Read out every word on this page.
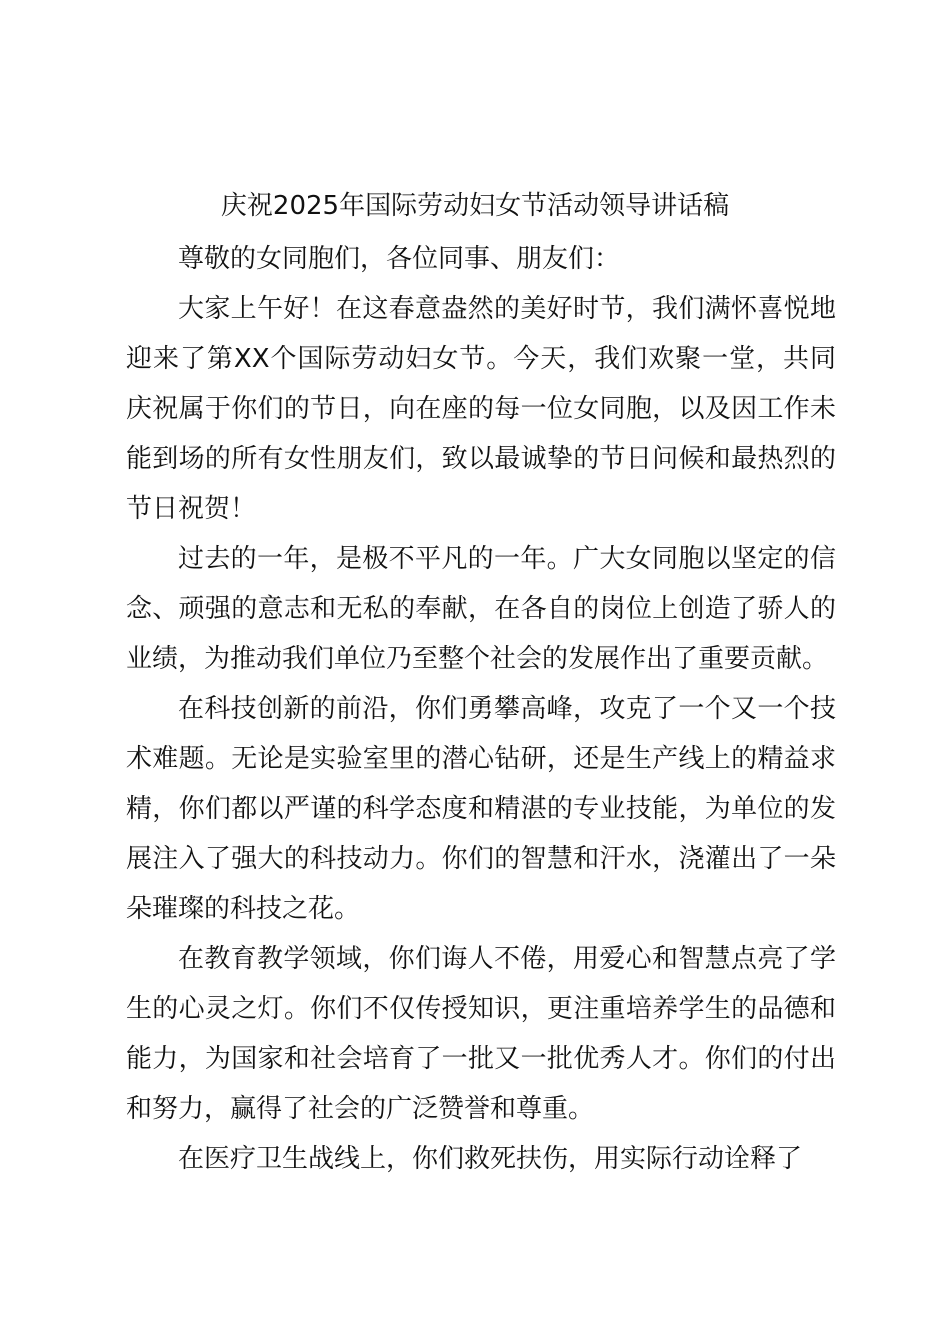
庆祝2025年国际劳动妇女节活动领导讲话稿

尊敬的女同胞们，各位同事、朋友们：

大家上午好！在这春意盎然的美好时节，我们满怀喜悦地迎来了第XX个国际劳动妇女节。今天，我们欢聚一堂，共同庆祝属于你们的节日，向在座的每一位女同胞，以及因工作未能到场的所有女性朋友们，致以最诚挚的节日问候和最热烈的节日祝贺！

过去的一年，是极不平凡的一年。广大女同胞以坚定的信念、顽强的意志和无私的奉献，在各自的岗位上创造了骄人的业绩，为推动我们单位乃至整个社会的发展作出了重要贡献。

在科技创新的前沿，你们勇攀高峰，攻克了一个又一个技术难题。无论是实验室里的潜心钻研，还是生产线上的精益求精，你们都以严谨的科学态度和精湛的专业技能，为单位的发展注入了强大的科技动力。你们的智慧和汗水，浇灌出了一朵朵璀璨的科技之花。

在教育教学领域，你们诲人不倦，用爱心和智慧点亮了学生的心灵之灯。你们不仅传授知识，更注重培养学生的品德和能力，为国家和社会培育了一批又一批优秀人才。你们的付出和努力，赢得了社会的广泛赞誉和尊重。

在医疗卫生战线上，你们救死扶伤，用实际行动诠释了
